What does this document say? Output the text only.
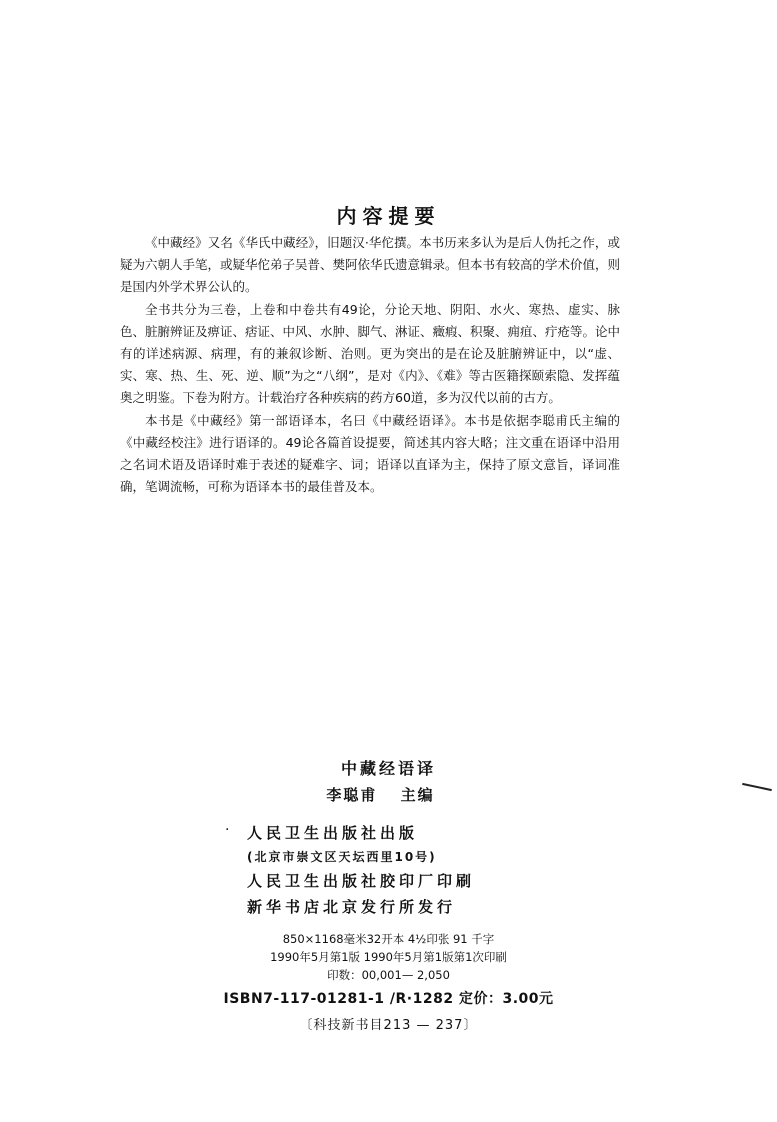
内容提要

《中藏经》又名《华氏中藏经》，旧题汉·华佗撰。本书历来多认为是后人伪托之作，或疑为六朝人手笔，或疑华佗弟子吴普、樊阿依华氏遗意辑录。但本书有较高的学术价值，则是国内外学术界公认的。

全书共分为三卷，上卷和中卷共有49论，分论天地、阴阳、水火、寒热、虚实、脉色、脏腑辨证及痹证、痞证、中风、水肿、脚气、淋证、癥瘕、积聚、痈疽、疔疮等。论中有的详述病源、病理，有的兼叙诊断、治则。更为突出的是在论及脏腑辨证中，以“虚、实、寒、热、生、死、逆、顺”为之“八纲”，是对《内》、《难》等古医籍探颐索隐、发挥蕴奥之明鉴。下卷为附方。计载治疗各种疾病的药方60道，多为汉代以前的古方。

本书是《中藏经》第一部语译本，名曰《中藏经语译》。本书是依据李聪甫氏主编的《中藏经校注》进行语译的。49论各篇首设提要，简述其内容大略；注文重在语译中沿用之名词术语及语译时难于表述的疑难字、词；语译以直译为主，保持了原文意旨，译词准确，笔调流畅，可称为语译本书的最佳普及本。

中藏经语译
李聪甫 主编
· 人民卫生出版社出版
(北京市崇文区天坛西里10号)
人民卫生出版社胶印厂印刷
新华书店北京发行所发行
850×1168毫米32开本 4½印张 91 千字
1990年5月第1版 1990年5月第1版第1次印刷
印数：00,001— 2,050
ISBN7-117-01281-1 /R·1282 定价：3.00元
〔科技新书目213 — 237〕
